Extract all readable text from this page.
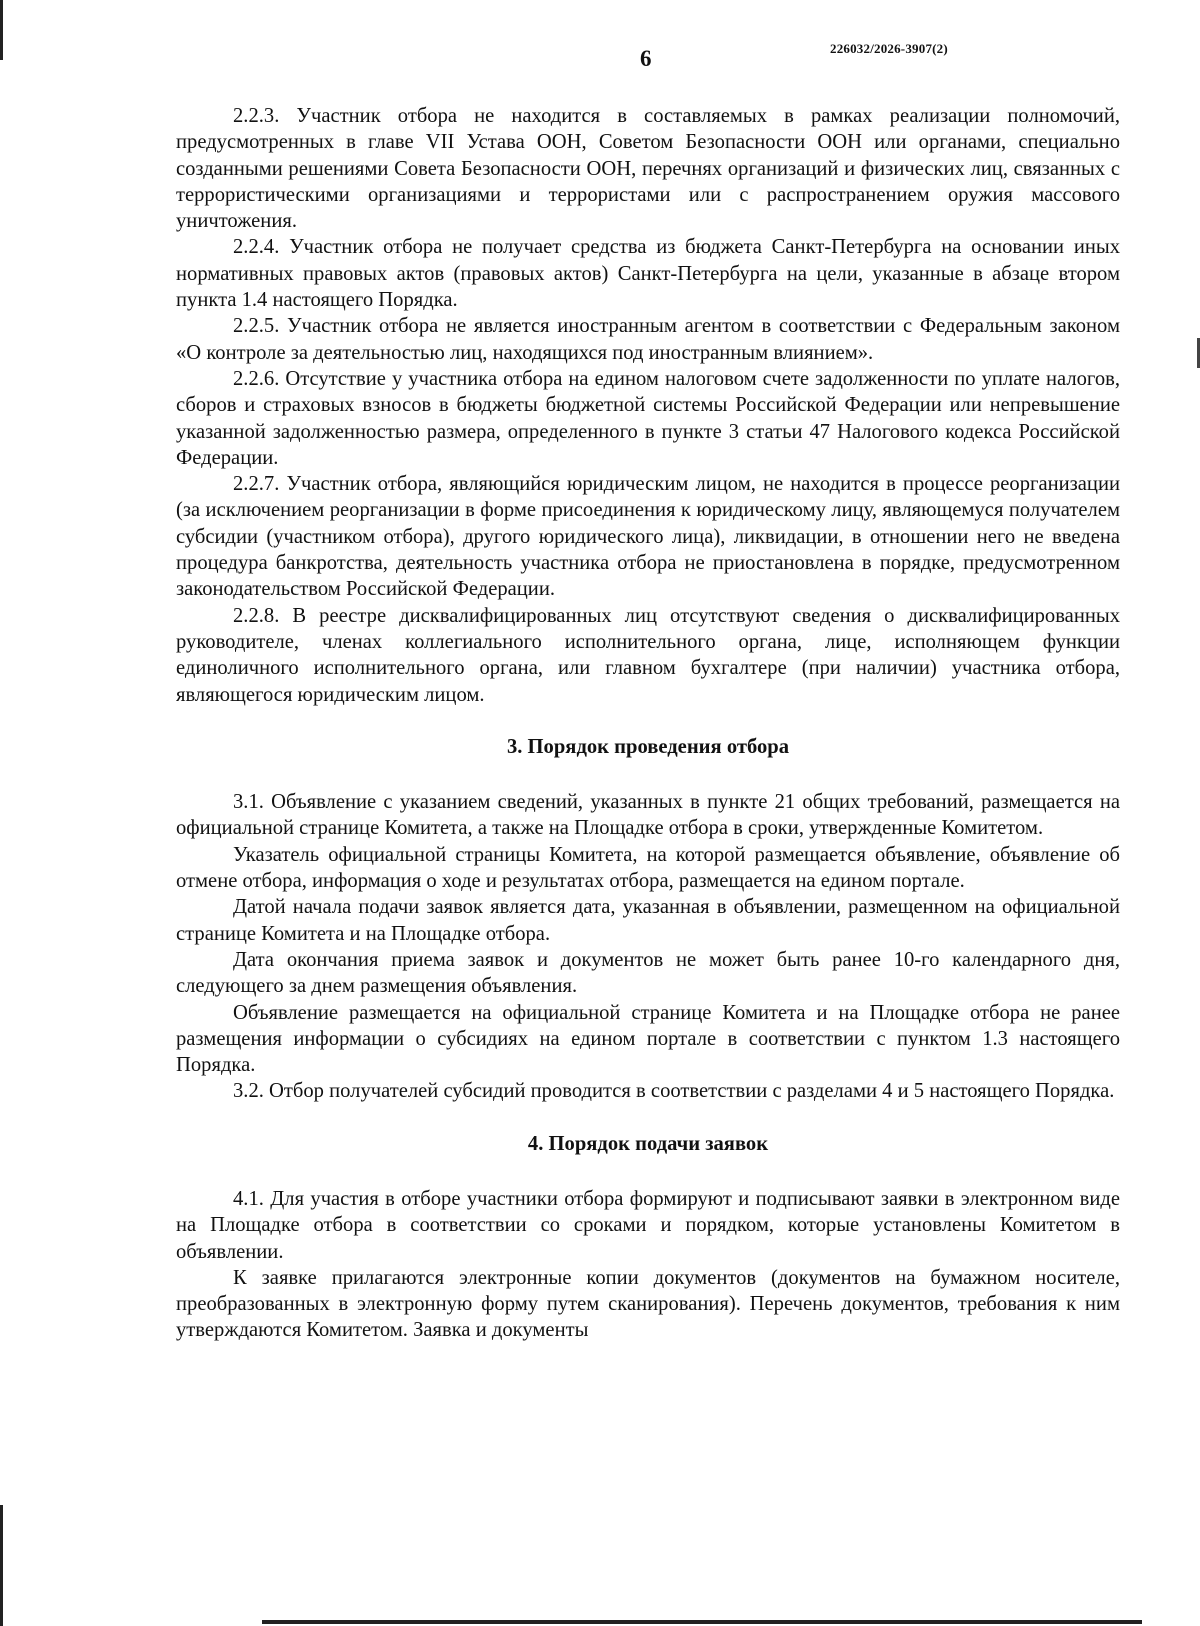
6	226032/2026-3907(2)

2.2.3. Участник отбора не находится в составляемых в рамках реализации полномочий, предусмотренных в главе VII Устава ООН, Советом Безопасности ООН или органами, специально созданными решениями Совета Безопасности ООН, перечнях организаций и физических лиц, связанных с террористическими организациями и террористами или с распространением оружия массового уничтожения.

2.2.4. Участник отбора не получает средства из бюджета Санкт-Петербурга на основании иных нормативных правовых актов (правовых актов) Санкт-Петербурга на цели, указанные в абзаце втором пункта 1.4 настоящего Порядка.

2.2.5. Участник отбора не является иностранным агентом в соответствии с Федеральным законом «О контроле за деятельностью лиц, находящихся под иностранным влиянием».

2.2.6. Отсутствие у участника отбора на едином налоговом счете задолженности по уплате налогов, сборов и страховых взносов в бюджеты бюджетной системы Российской Федерации или непревышение указанной задолженностью размера, определенного в пункте 3 статьи 47 Налогового кодекса Российской Федерации.

2.2.7. Участник отбора, являющийся юридическим лицом, не находится в процессе реорганизации (за исключением реорганизации в форме присоединения к юридическому лицу, являющемуся получателем субсидии (участником отбора), другого юридического лица), ликвидации, в отношении него не введена процедура банкротства, деятельность участника отбора не приостановлена в порядке, предусмотренном законодательством Российской Федерации.

2.2.8. В реестре дисквалифицированных лиц отсутствуют сведения о дисквалифицированных руководителе, членах коллегиального исполнительного органа, лице, исполняющем функции единоличного исполнительного органа, или главном бухгалтере (при наличии) участника отбора, являющегося юридическим лицом.

3. Порядок проведения отбора

3.1. Объявление с указанием сведений, указанных в пункте 21 общих требований, размещается на официальной странице Комитета, а также на Площадке отбора в сроки, утвержденные Комитетом.

Указатель официальной страницы Комитета, на которой размещается объявление, объявление об отмене отбора, информация о ходе и результатах отбора, размещается на едином портале.

Датой начала подачи заявок является дата, указанная в объявлении, размещенном на официальной странице Комитета и на Площадке отбора.

Дата окончания приема заявок и документов не может быть ранее 10-го календарного дня, следующего за днем размещения объявления.

Объявление размещается на официальной странице Комитета и на Площадке отбора не ранее размещения информации о субсидиях на едином портале в соответствии с пунктом 1.3 настоящего Порядка.

3.2. Отбор получателей субсидий проводится в соответствии с разделами 4 и 5 настоящего Порядка.

4. Порядок подачи заявок

4.1. Для участия в отборе участники отбора формируют и подписывают заявки в электронном виде на Площадке отбора в соответствии со сроками и порядком, которые установлены Комитетом в объявлении.

К заявке прилагаются электронные копии документов (документов на бумажном носителе, преобразованных в электронную форму путем сканирования). Перечень документов, требования к ним утверждаются Комитетом. Заявка и документы
